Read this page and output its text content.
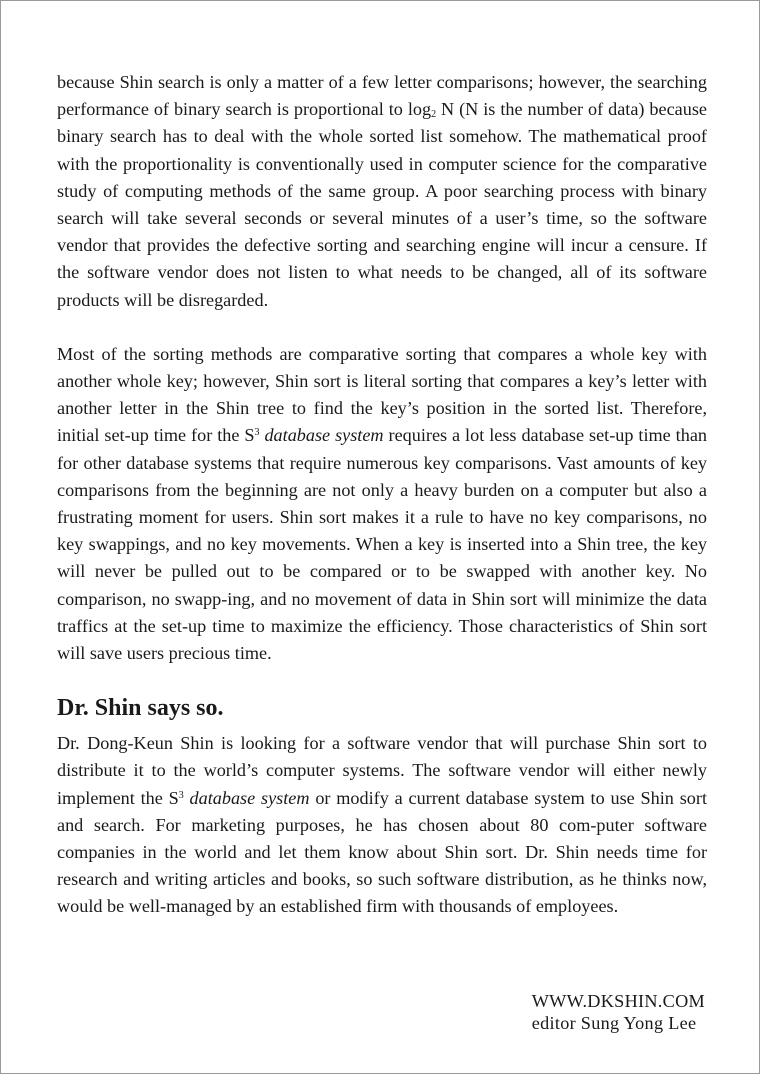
because Shin search is only a matter of a few letter comparisons; however, the searching performance of binary search is proportional to $\log_2 N$ (N is the number of data) because binary search has to deal with the whole sorted list somehow. The mathematical proof with the proportionality is conventionally used in computer science for the comparative study of computing methods of the same group. A poor searching process with binary search will take several seconds or several minutes of a user’s time, so the software vendor that provides the defective sorting and searching engine will incur a censure. If the software vendor does not listen to what needs to be changed, all of its software products will be disregarded.

Most of the sorting methods are comparative sorting that compares a whole key with another whole key; however, Shin sort is literal sorting that compares a key’s letter with another letter in the Shin tree to find the key’s position in the sorted list. Therefore, initial set-up time for the $S^3$ database system requires a lot less database set-up time than for other database systems that require numerous key comparisons. Vast amounts of key comparisons from the beginning are not only a heavy burden on a computer but also a frustrating moment for users. Shin sort makes it a rule to have no key comparisons, no key swappings, and no key movements. When a key is inserted into a Shin tree, the key will never be pulled out to be compared or to be swapped with another key. No comparison, no swapp-ing, and no movement of data in Shin sort will minimize the data traffics at the set-up time to maximize the efficiency. Those characteristics of Shin sort will save users precious time.

Dr. Shin says so.

Dr. Dong-Keun Shin is looking for a software vendor that will purchase Shin sort to distribute it to the world’s computer systems. The software vendor will either newly implement the $S^3$ database system or modify a current database system to use Shin sort and search. For marketing purposes, he has chosen about 80 com-puter software companies in the world and let them know about Shin sort. Dr. Shin needs time for research and writing articles and books, so such software distribution, as he thinks now, would be well-managed by an established firm with thousands of employees.

WWW.DKSHIN.COM
editor Sung Yong Lee
